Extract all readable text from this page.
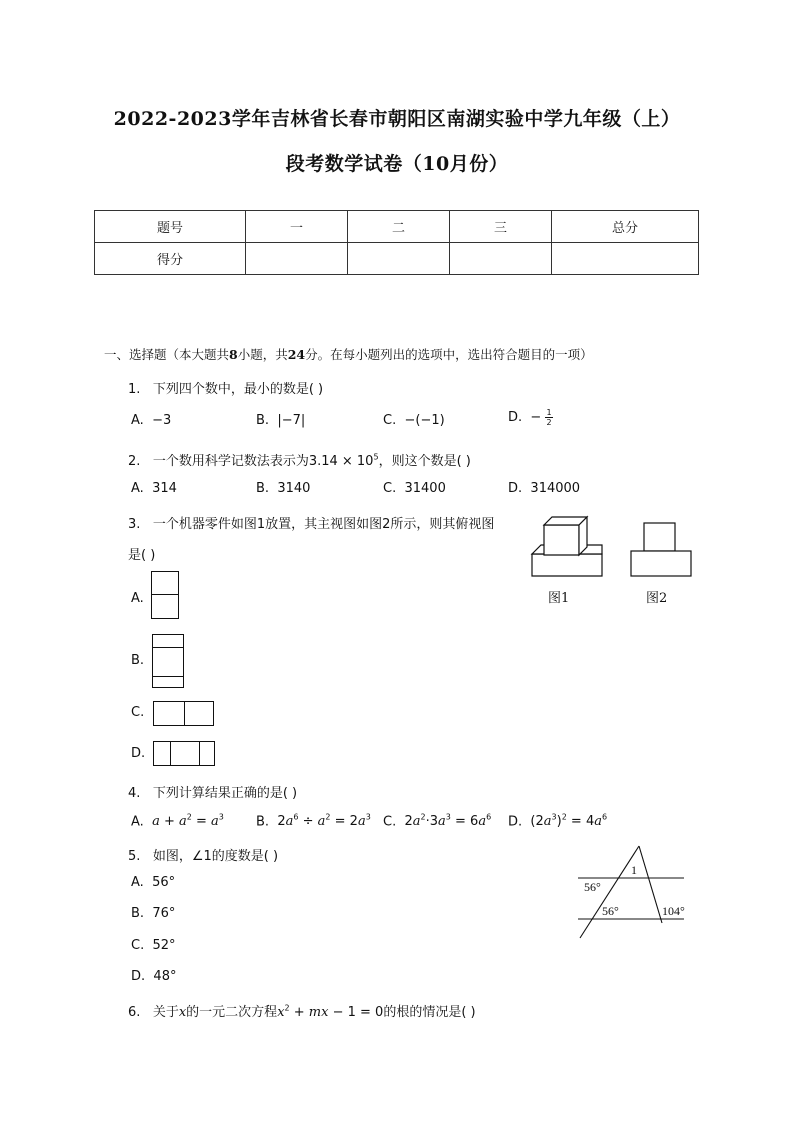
2022-2023学年吉林省长春市朝阳区南湖实验中学九年级（上）
段考数学试卷（10月份）
题号	一	二	三	总分
得分				
一、选择题（本大题共8小题，共24分。在每小题列出的选项中，选出符合题目的一项）
1. 下列四个数中，最小的数是( )
A. −3	B. |−7|	C. −(−1)	D. − $\frac{1}{2}$
2. 一个数用科学记数法表示为$3.14 \times 10^5$，则这个数是( )
A. 314	B. 3140	C. 31400	D. 314000
3. 一个机器零件如图1放置，其主视图如图2所示，则其俯视图
是( )
图1	图2
A.
B.
C.
D.
4. 下列计算结果正确的是( )
A. $a + a^2 = a^3$ B. $2a^6 \div a^2 = 2a^3$ C. $2a^2\cdot 3a^3 = 6a^6$ D. $(2a^3)^2 = 4a^6$
5. 如图，∠1的度数是( )
A. 56°
B. 76°
C. 52°
D. 48°
1
56°
56°	104°
6. 关于x的一元二次方程$x^2$ + mx − 1 = 0的根的情况是( )
